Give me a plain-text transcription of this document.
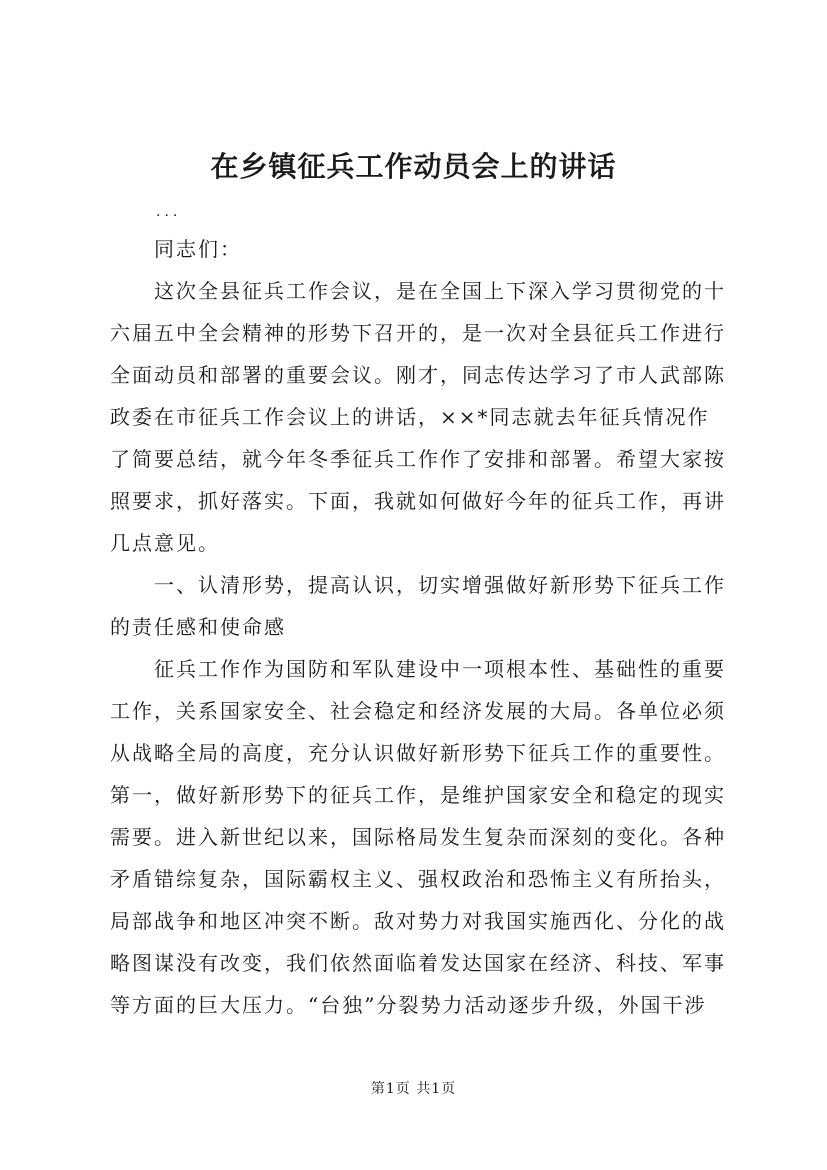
在乡镇征兵工作动员会上的讲话
...
同志们：
这次全县征兵工作会议，是在全国上下深入学习贯彻党的十
六届五中全会精神的形势下召开的，是一次对全县征兵工作进行
全面动员和部署的重要会议。刚才，同志传达学习了市人武部陈
政委在市征兵工作会议上的讲话，××*同志就去年征兵情况作
了简要总结，就今年冬季征兵工作作了安排和部署。希望大家按
照要求，抓好落实。下面，我就如何做好今年的征兵工作，再讲
几点意见。
一、认清形势，提高认识，切实增强做好新形势下征兵工作
的责任感和使命感
征兵工作作为国防和军队建设中一项根本性、基础性的重要
工作，关系国家安全、社会稳定和经济发展的大局。各单位必须
从战略全局的高度，充分认识做好新形势下征兵工作的重要性。
第一，做好新形势下的征兵工作，是维护国家安全和稳定的现实
需要。进入新世纪以来，国际格局发生复杂而深刻的变化。各种
矛盾错综复杂，国际霸权主义、强权政治和恐怖主义有所抬头，
局部战争和地区冲突不断。敌对势力对我国实施西化、分化的战
略图谋没有改变，我们依然面临着发达国家在经济、科技、军事
等方面的巨大压力。“台独”分裂势力活动逐步升级，外国干涉
第1页 共1页
